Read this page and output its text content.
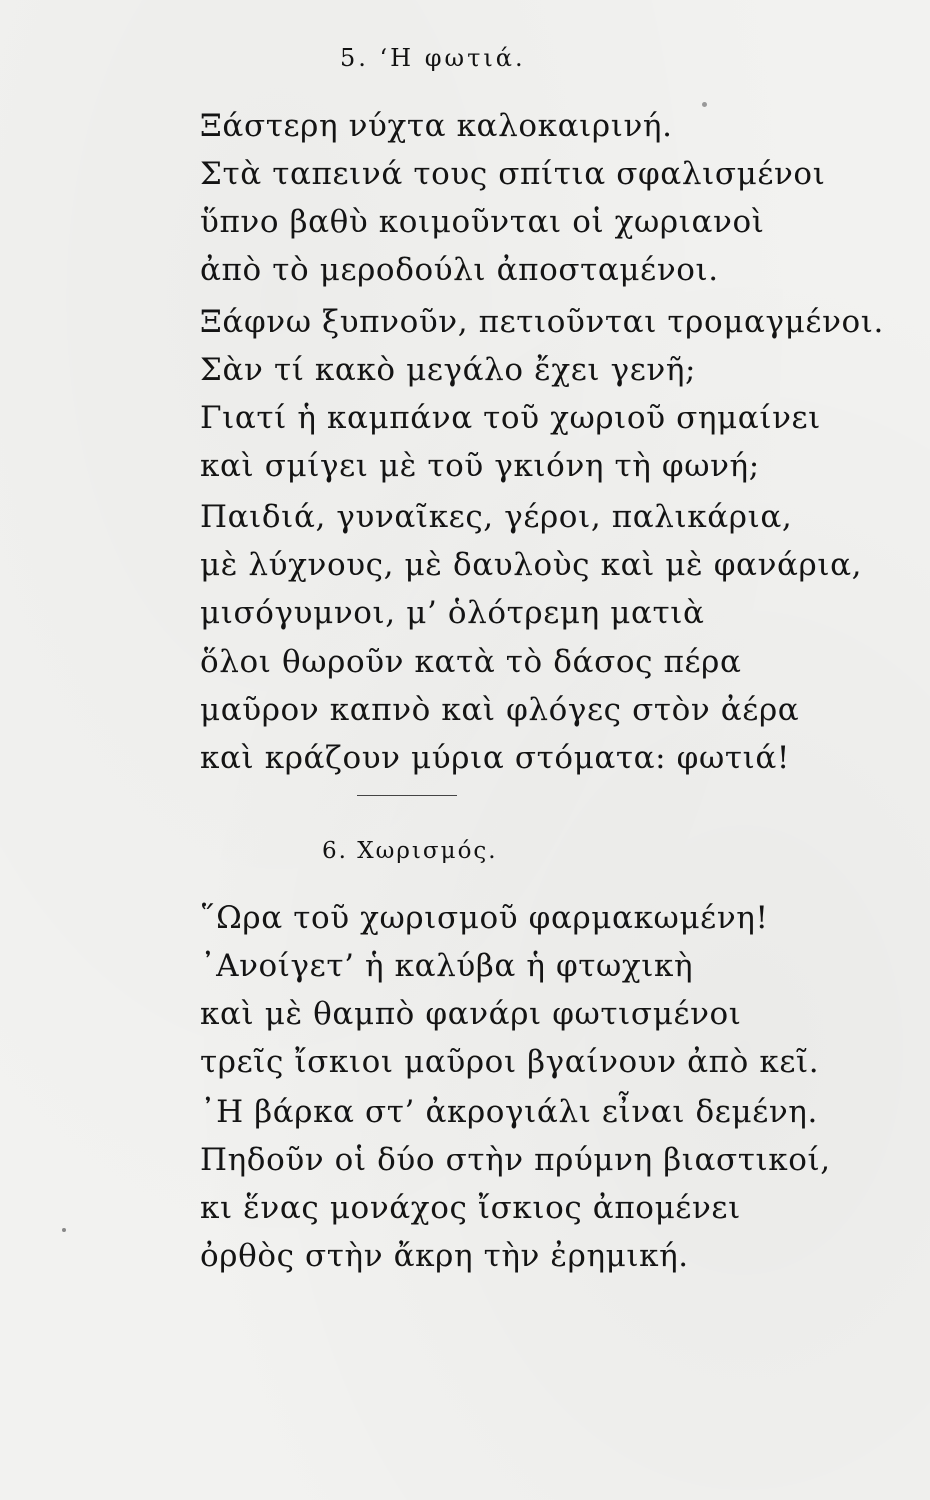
5. ‘Η φωτιά.
Ξάστερη νύχτα καλοκαιρινή.
Στὰ ταπεινά τους σπίτια σφαλισμένοι
ὕπνο βαθὺ κοιμοῦνται οἱ χωριανοὶ
ἀπὸ τὸ μεροδούλι ἀποσταμένοι.
Ξάφνω ξυπνοῦν, πετιοῦνται τρομαγμένοι.
Σὰν τί κακὸ μεγάλο ἔχει γενῆ;
Γιατί ἡ καμπάνα τοῦ χωριοῦ σημαίνει
καὶ σμίγει μὲ τοῦ γκιόνη τὴ φωνή;
Παιδιά, γυναῖκες, γέροι, παλικάρια,
μὲ λύχνους, μὲ δαυλοὺς καὶ μὲ φανάρια,
μισόγυμνοι, μ’ ὁλότρεμη ματιὰ
ὅλοι θωροῦν κατὰ τὸ δάσος πέρα
μαῦρον καπνὸ καὶ φλόγες στὸν ἀέρα
καὶ κράζουν μύρια στόματα: φωτιά!
6. Χωρισμός.
῞Ωρα τοῦ χωρισμοῦ φαρμακωμένη!
᾿Ανοίγετ’ ἡ καλύβα ἡ φτωχικὴ
καὶ μὲ θαμπὸ φανάρι φωτισμένοι
τρεῖς ἴσκιοι μαῦροι βγαίνουν ἀπὸ κεῖ.
᾿Η βάρκα στ’ ἀκρογιάλι εἶναι δεμένη.
Πηδοῦν οἱ δύο στὴν πρύμνη βιαστικοί,
κι ἕνας μονάχος ἴσκιος ἀπομένει
ὀρθὸς στὴν ἄκρη τὴν ἐρημική.
